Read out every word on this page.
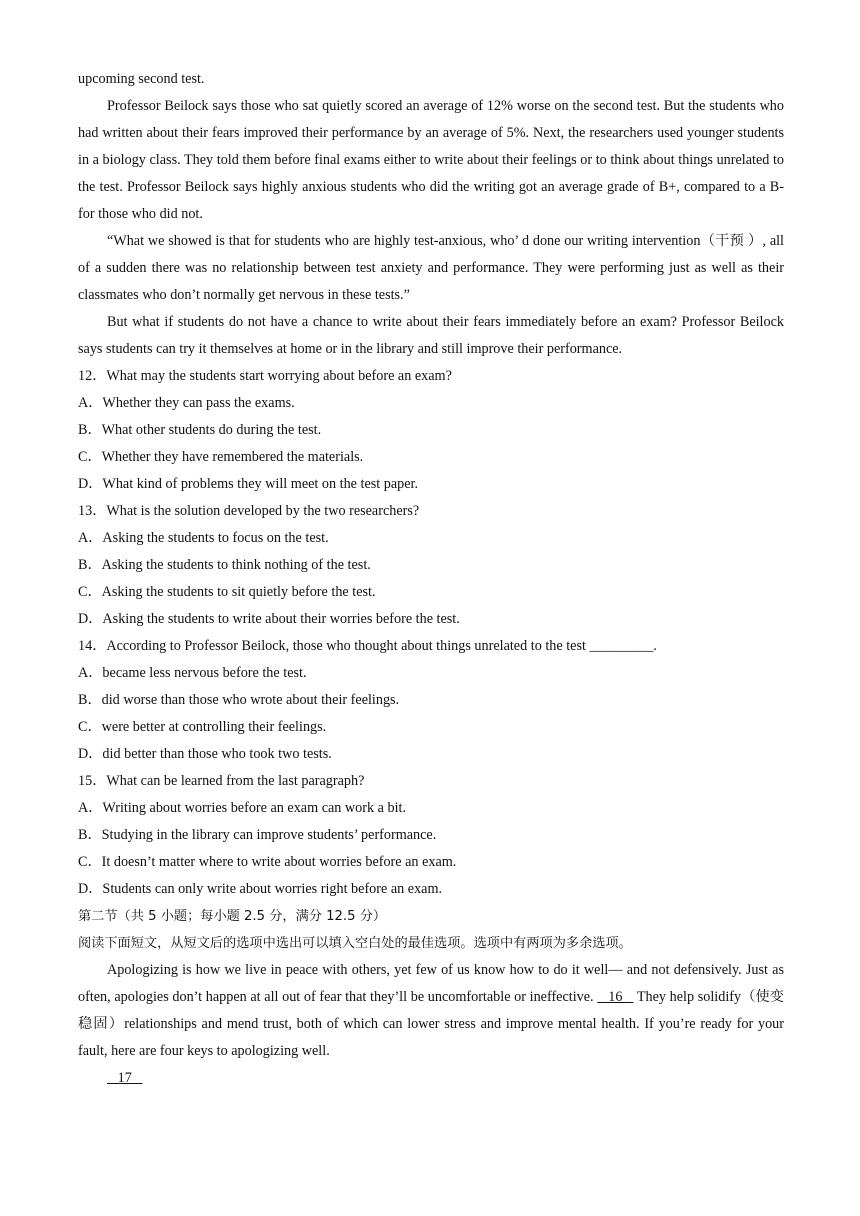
upcoming second test.

Professor Beilock says those who sat quietly scored an average of 12% worse on the second test. But the students who had written about their fears improved their performance by an average of 5%. Next, the researchers used younger students in a biology class. They told them before final exams either to write about their feelings or to think about things unrelated to the test. Professor Beilock says highly anxious students who did the writing got an average grade of B+, compared to a B-for those who did not.

“What we showed is that for students who are highly test-anxious, who’ d done our writing intervention（干预 ）, all of a sudden there was no relationship between test anxiety and performance. They were performing just as well as their classmates who don’t normally get nervous in these tests.”

But what if students do not have a chance to write about their fears immediately before an exam? Professor Beilock says students can try it themselves at home or in the library and still improve their performance.

12．What may the students start worrying about before an exam?

A．Whether they can pass the exams.

B．What other students do during the test.

C．Whether they have remembered the materials.

D．What kind of problems they will meet on the test paper.

13．What is the solution developed by the two researchers?

A．Asking the students to focus on the test.

B．Asking the students to think nothing of the test.

C．Asking the students to sit quietly before the test.

D．Asking the students to write about their worries before the test.

14．According to Professor Beilock, those who thought about things unrelated to the test _________.

A．became less nervous before the test.

B．did worse than those who wrote about their feelings.

C．were better at controlling their feelings.

D．did better than those who took two tests.

15．What can be learned from the last paragraph?

A．Writing about worries before an exam can work a bit.

B．Studying in the library can improve students’ performance.

C．It doesn’t matter where to write about worries before an exam.

D．Students can only write about worries right before an exam.

第二节（共 5 小题；每小题 2.5 分，满分 12.5 分）

阅读下面短文，从短文后的选项中选出可以填入空白处的最佳选项。选项中有两项为多余选项。

Apologizing is how we live in peace with others, yet few of us know how to do it well— and not defensively. Just as often, apologies don’t happen at all out of fear that they’ll be uncomfortable or ineffective.    16    They help solidify（使变稳固）relationships and mend trust, both of which can lower stress and improve mental health. If you’re ready for your fault, here are four keys to apologizing well.

17
